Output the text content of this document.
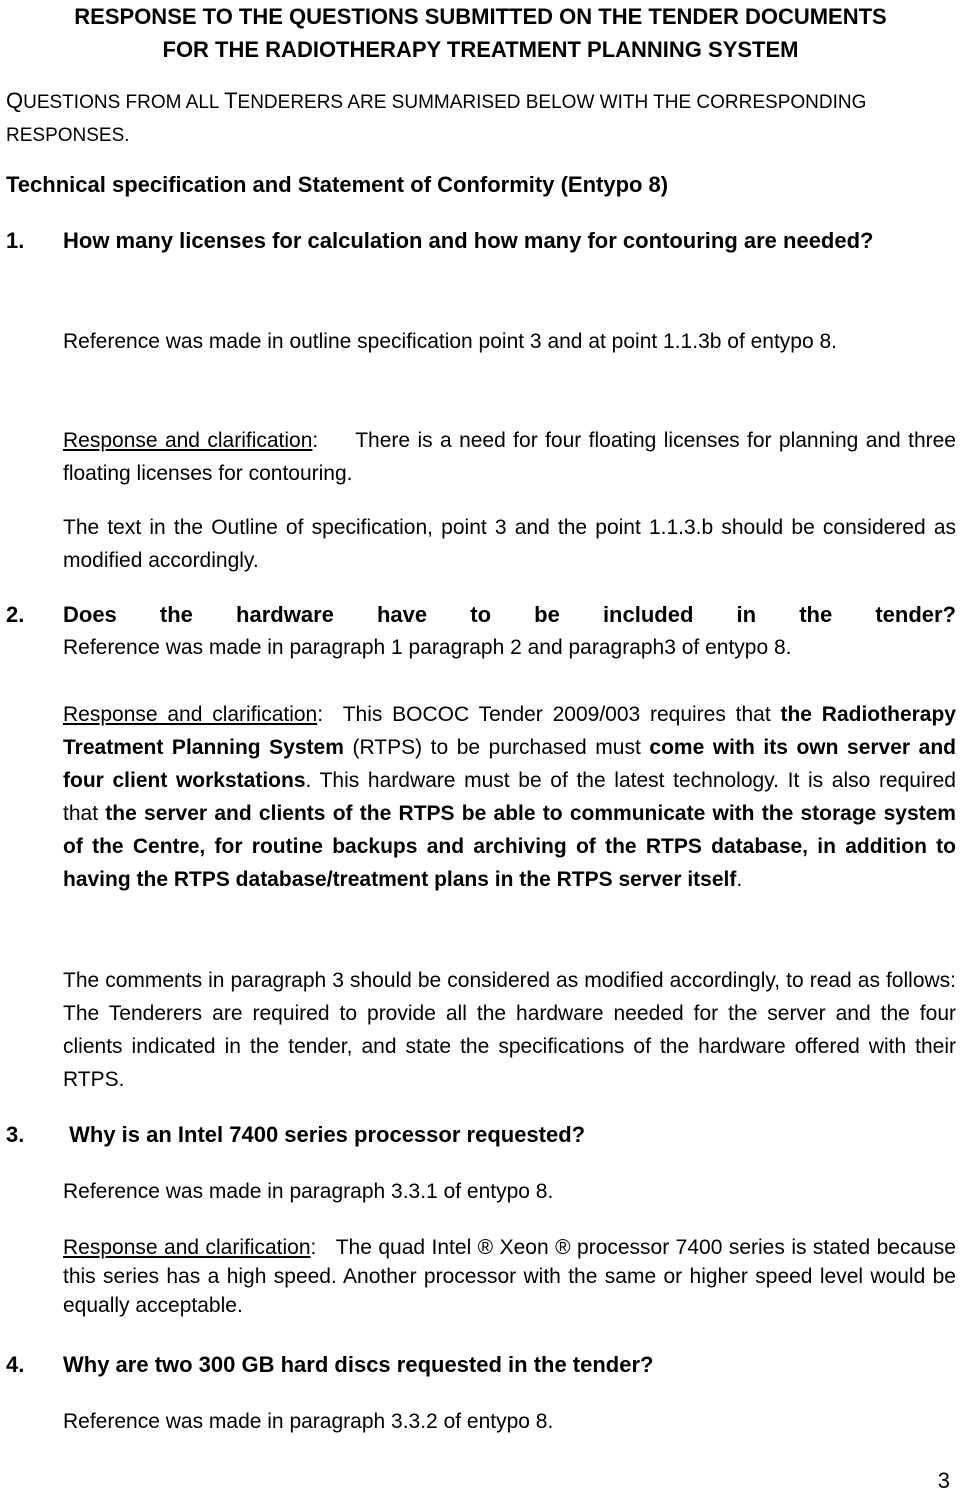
RESPONSE TO THE QUESTIONS SUBMITTED ON THE TENDER DOCUMENTS
FOR THE RADIOTHERAPY TREATMENT PLANNING SYSTEM
QUESTIONS FROM ALL TENDERERS ARE SUMMARISED BELOW WITH THE CORRESPONDING
RESPONSES.
Technical specification and Statement of Conformity (Entypo 8)
1. How many licenses for calculation and how many for contouring are needed?
Reference was made in outline specification point 3 and at point 1.1.3b of entypo 8.
Response and clarification:     There is a need for four floating licenses for planning and three floating licenses for contouring.
The text in the Outline of specification, point 3 and the point 1.1.3.b should be considered as modified accordingly.
2. Does the hardware have to be included in the tender?
Reference was made in paragraph 1 paragraph 2 and paragraph3 of entypo 8.
Response and clarification:  This BOCOC Tender 2009/003 requires that the Radiotherapy Treatment Planning System (RTPS) to be purchased must come with its own server and four client workstations. This hardware must be of the latest technology. It is also required that the server and clients of the RTPS be able to communicate with the storage system of the Centre, for routine backups and archiving of the RTPS database, in addition to having the RTPS database/treatment plans in the RTPS server itself.
The comments in paragraph 3 should be considered as modified accordingly, to read as follows: The Tenderers are required to provide all the hardware needed for the server and the four clients indicated in the tender, and state the specifications of the hardware offered with their RTPS.
3. Why is an Intel 7400 series processor requested?
Reference was made in paragraph 3.3.1 of entypo 8.
Response and clarification:   The quad Intel ® Xeon ® processor 7400 series is stated because this series has a high speed. Another processor with the same or higher speed level would be equally acceptable.
4. Why are two 300 GB hard discs requested in the tender?
Reference was made in paragraph 3.3.2 of entypo 8.
3
